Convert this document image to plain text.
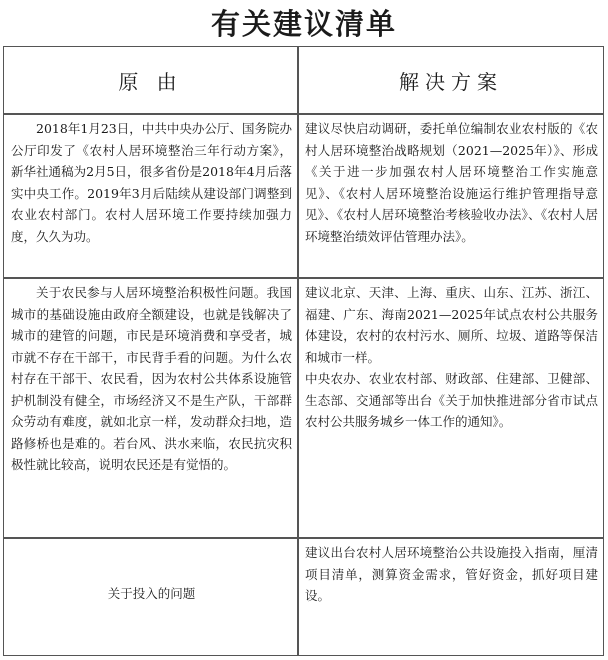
有关建议清单
原 由	解决方案
2018年1月23日，中共中央办公厅、国务院办公厅印发了《农村人居环境整治三年行动方案》，新华社通稿为2月5日，很多省份是2018年4月后落实中央工作。2019年3月后陆续从建设部门调整到农业农村部门。农村人居环境工作要持续加强力度，久久为功。
建议尽快启动调研，委托单位编制农业农村版的《农村人居环境整治战略规划（2021—2025年）》、形成《关于进一步加强农村人居环境整治工作实施意见》、《农村人居环境整治设施运行维护管理指导意见》、《农村人居环境整治考核验收办法》、《农村人居环境整治绩效评估管理办法》。
关于农民参与人居环境整治积极性问题。我国城市的基础设施由政府全额建设，也就是钱解决了城市的建管的问题，市民是环境消费和享受者，城市就不存在干部干，市民背手看的问题。为什么农村存在干部干、农民看，因为农村公共体系设施管护机制没有健全，市场经济又不是生产队，干部群众劳动有难度，就如北京一样，发动群众扫地，造路修桥也是难的。若台风、洪水来临，农民抗灾积极性就比较高，说明农民还是有觉悟的。
建议北京、天津、上海、重庆、山东、江苏、浙江、福建、广东、海南2021—2025年试点农村公共服务体建设，农村的农村污水、厕所、垃圾、道路等保洁和城市一样。
中央农办、农业农村部、财政部、住建部、卫健部、生态部、交通部等出台《关于加快推进部分省市试点农村公共服务城乡一体工作的通知》。
关于投入的问题
建议出台农村人居环境整治公共设施投入指南，厘清项目清单，测算资金需求，管好资金，抓好项目建设。
